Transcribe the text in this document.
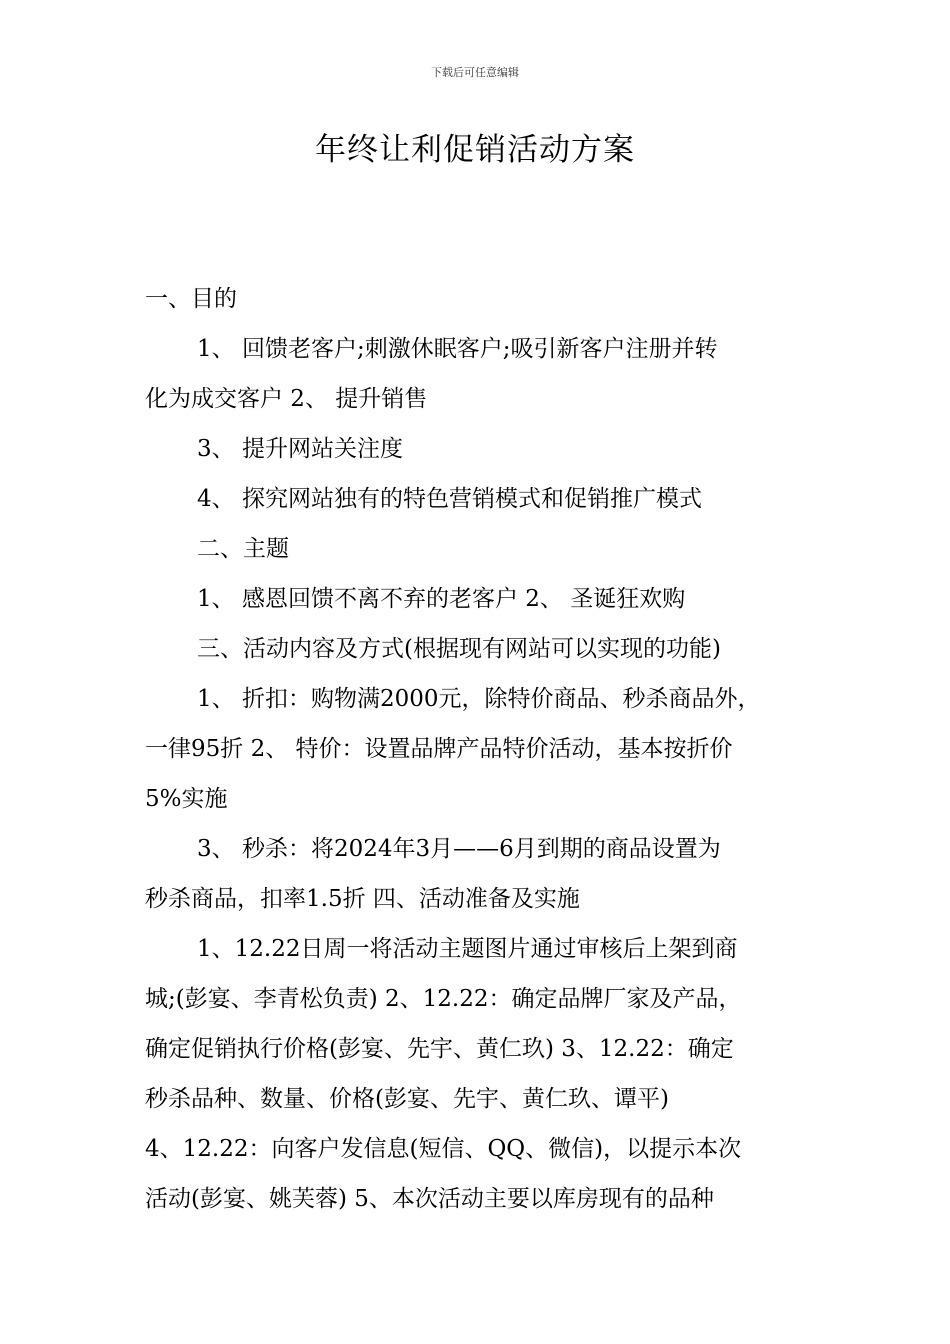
下载后可任意编辑
年终让利促销活动方案
一、目的
1、 回馈老客户;刺激休眠客户;吸引新客户注册并转
化为成交客户 2、 提升销售
3、 提升网站关注度
4、 探究网站独有的特色营销模式和促销推广模式
二、主题
1、 感恩回馈不离不弃的老客户 2、 圣诞狂欢购
三、活动内容及方式(根据现有网站可以实现的功能)
1、 折扣：购物满2000元，除特价商品、秒杀商品外，
一律95折 2、 特价：设置品牌产品特价活动，基本按折价
5%实施
3、 秒杀：将2024年3月——6月到期的商品设置为
秒杀商品，扣率1.5折 四、活动准备及实施
1、12.22日周一将活动主题图片通过审核后上架到商
城;(彭宴、李青松负责) 2、12.22：确定品牌厂家及产品，
确定促销执行价格(彭宴、先宇、黄仁玖) 3、12.22：确定
秒杀品种、数量、价格(彭宴、先宇、黄仁玖、谭平)
4、12.22：向客户发信息(短信、QQ、微信)，以提示本次
活动(彭宴、姚芙蓉) 5、本次活动主要以库房现有的品种
